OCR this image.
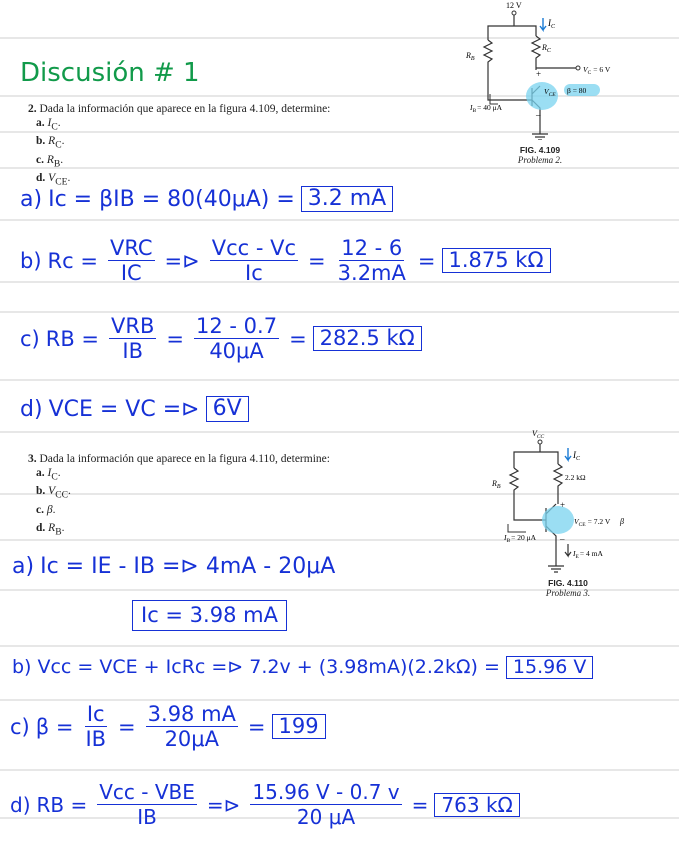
Discusión # 1
2. Dada la información que aparece en la figura 4.109, determine:
a. $I_C$.
b. $R_C$.
c. $R_B$.
d. $V_{CE}$.
12 V
$I_C$
$R_C$
$R_B$
$V_C = 6$ V
$V_{CE}$ β = 80
+
–
$I_B= 40$ μA
FIG. 4.109
Problema 2.
a) Ic = βIB = 80(40μA) = 3.2 mA
b) $Rc = \frac{\text{VRC}}{IC}$ =⊳ $\frac{\text{Vcc - Vc}}{Ic} = \frac{12 - 6}{3.2mA} = 1.875$ kΩ
c) RB = $\frac{\text{VRB}}{IB} = \frac{12 - 0.7}{40\mu A} = 282.5$ kΩ
d) VCE = VC =⊳ 6V
3. Dada la información que aparece en la figura 4.110, determine:
a. $I_C$.
b. $V_{CC}$.
c. β.
d. $R_B$.
$V_{CC}$
$I_C$
2.2 kΩ
$R_B$
$V_{CE} = 7.2$ V β
+
–
$I_B= 20$ μA
$I_E= 4$ mA
FIG. 4.110
Problema 3.
a) Ic = IE - IB =⊳ 4mA - 20μA
Ic = 3.98 mA
b) Vcc = VCE + IcRc =⊳ 7.2v + (3.98mA)(2.2kΩ) = 15.96 V
c) $\beta = \frac{Ic}{IB} = \frac{3.98 mA}{20\mu A} = 199$
d) RB = $\frac{\text{Vcc - VBE}}{IB}$ =⊳ $\frac{15.96 V - 0.7 v}{20 \mu A} = 763$ kΩ
